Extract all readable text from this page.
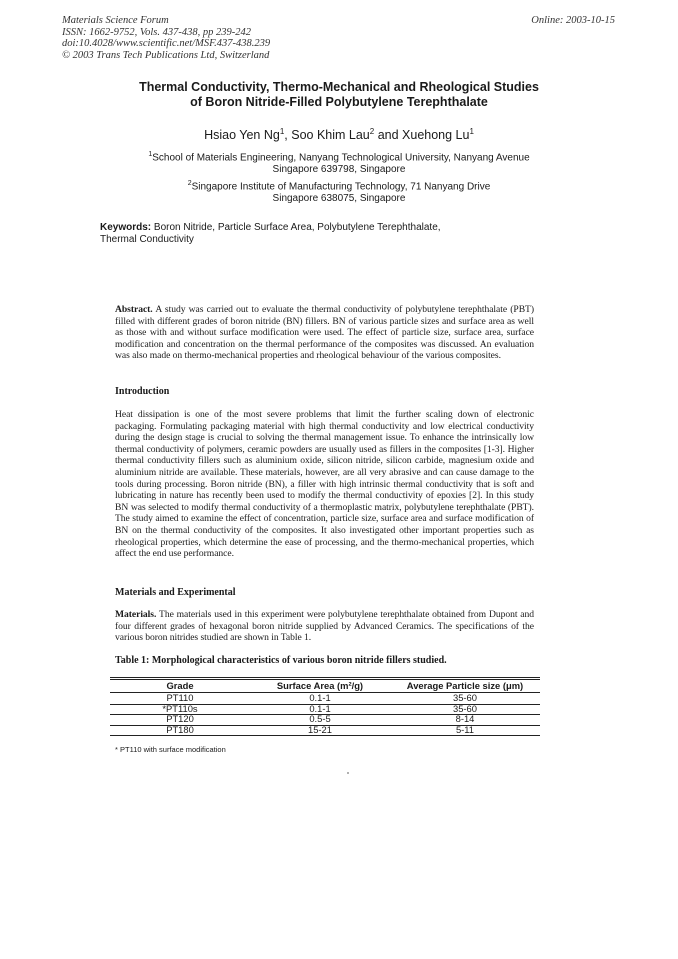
Materials Science Forum
ISSN: 1662-9752, Vols. 437-438, pp 239-242
doi:10.4028/www.scientific.net/MSF.437-438.239
© 2003 Trans Tech Publications Ltd, Switzerland
Online: 2003-10-15
Thermal Conductivity, Thermo-Mechanical and Rheological Studies
of Boron Nitride-Filled Polybutylene Terephthalate
Hsiao Yen Ng$^1$, Soo Khim Lau$^2$ and Xuehong Lu$^1$
$^1$School of Materials Engineering, Nanyang Technological University, Nanyang Avenue
Singapore 639798, Singapore
$^2$Singapore Institute of Manufacturing Technology, 71 Nanyang Drive
Singapore 638075, Singapore
Keywords: Boron Nitride, Particle Surface Area, Polybutylene Terephthalate,
Thermal Conductivity
Abstract. A study was carried out to evaluate the thermal conductivity of polybutylene terephthalate (PBT) filled with different grades of boron nitride (BN) fillers. BN of various particle sizes and surface area as well as those with and without surface modification were used. The effect of particle size, surface area, surface modification and concentration on the thermal performance of the composites was discussed. An evaluation was also made on thermo-mechanical properties and rheological behaviour of the various composites.
Introduction
Heat dissipation is one of the most severe problems that limit the further scaling down of electronic packaging. Formulating packaging material with high thermal conductivity and low electrical conductivity during the design stage is crucial to solving the thermal management issue. To enhance the intrinsically low thermal conductivity of polymers, ceramic powders are usually used as fillers in the composites [1-3]. Higher thermal conductivity fillers such as aluminium oxide, silicon nitride, silicon carbide, magnesium oxide and aluminium nitride are available. These materials, however, are all very abrasive and can cause damage to the tools during processing. Boron nitride (BN), a filler with high intrinsic thermal conductivity that is soft and lubricating in nature has recently been used to modify the thermal conductivity of epoxies [2]. In this study BN was selected to modify thermal conductivity of a thermoplastic matrix, polybutylene terephthalate (PBT). The study aimed to examine the effect of concentration, particle size, surface area and surface modification of BN on the thermal conductivity of the composites. It also investigated other important properties such as rheological properties, which determine the ease of processing, and the thermo-mechanical properties, which affect the end use performance.
Materials and Experimental
Materials. The materials used in this experiment were polybutylene terephthalate obtained from Dupont and four different grades of hexagonal boron nitride supplied by Advanced Ceramics. The specifications of the various boron nitrides studied are shown in Table 1.
Table 1: Morphological characteristics of various boron nitride fillers studied.
Grade	Surface Area (m²/g)	Average Particle size (μm)
PT110	0.1-1	35-60
*PT110s	0.1-1	35-60
PT120	0.5-5	8-14
PT180	15-21	5-11
* PT110 with surface modification
